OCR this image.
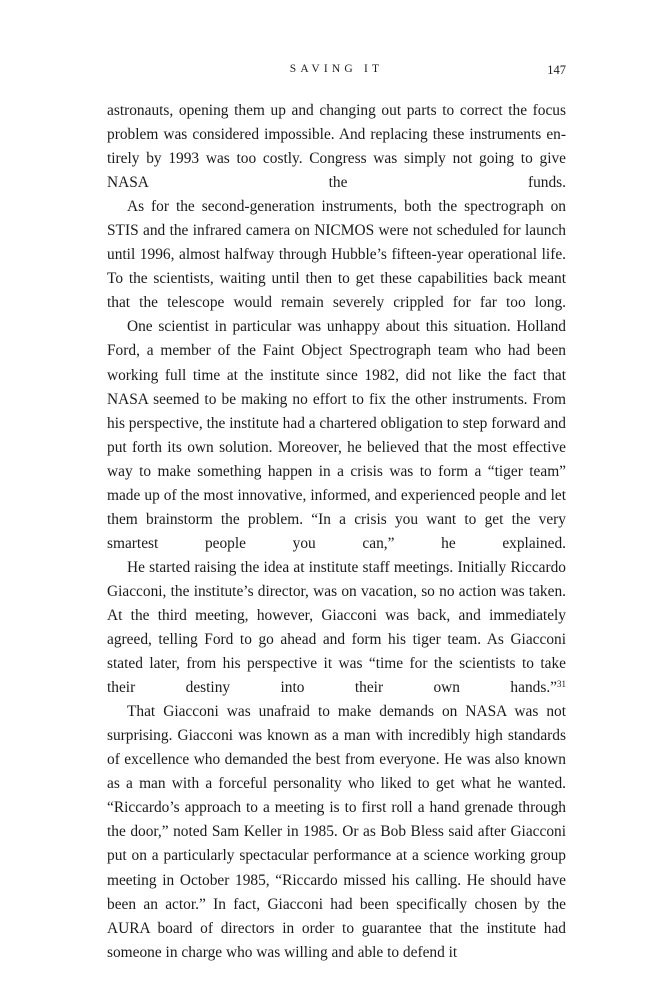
SAVING IT	147

astronauts, opening them up and changing out parts to correct the focus problem was considered impossible. And replacing these instruments entirely by 1993 was too costly. Congress was simply not going to give NASA the funds.

As for the second-generation instruments, both the spectrograph on STIS and the infrared camera on NICMOS were not scheduled for launch until 1996, almost halfway through Hubble’s fifteen-year operational life. To the scientists, waiting until then to get these capabilities back meant that the telescope would remain severely crippled for far too long.

One scientist in particular was unhappy about this situation. Holland Ford, a member of the Faint Object Spectrograph team who had been working full time at the institute since 1982, did not like the fact that NASA seemed to be making no effort to fix the other instruments. From his perspective, the institute had a chartered obligation to step forward and put forth its own solution. Moreover, he believed that the most effective way to make something happen in a crisis was to form a “tiger team” made up of the most innovative, informed, and experienced people and let them brainstorm the problem. “In a crisis you want to get the very smartest people you can,” he explained.

He started raising the idea at institute staff meetings. Initially Riccardo Giacconi, the institute’s director, was on vacation, so no action was taken. At the third meeting, however, Giacconi was back, and immediately agreed, telling Ford to go ahead and form his tiger team. As Giacconi stated later, from his perspective it was “time for the scientists to take their destiny into their own hands.”$^{31}$

That Giacconi was unafraid to make demands on NASA was not surprising. Giacconi was known as a man with incredibly high standards of excellence who demanded the best from everyone. He was also known as a man with a forceful personality who liked to get what he wanted. “Riccardo’s approach to a meeting is to first roll a hand grenade through the door,” noted Sam Keller in 1985. Or as Bob Bless said after Giacconi put on a particularly spectacular performance at a science working group meeting in October 1985, “Riccardo missed his calling. He should have been an actor.” In fact, Giacconi had been specifically chosen by the AURA board of directors in order to guarantee that the institute had someone in charge who was willing and able to defend it
